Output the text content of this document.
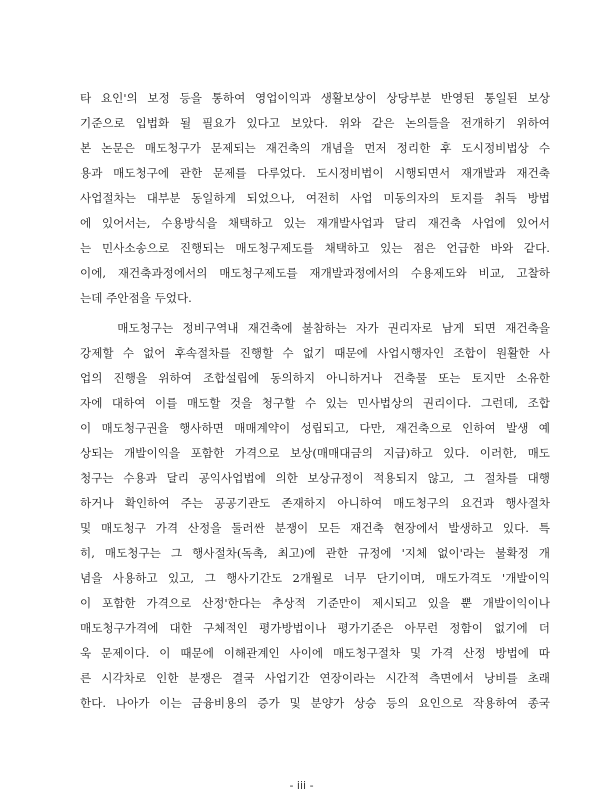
타 요인'의 보정 등을 통하여 영업이익과 생활보상이 상당부분 반영된 통일된 보상
기준으로 입법화 될 필요가 있다고 보았다. 위와 같은 논의들을 전개하기 위하여
본 논문은 매도청구가 문제되는 재건축의 개념을 먼저 정리한 후 도시정비법상 수
용과 매도청구에 관한 문제를 다루었다. 도시정비법이 시행되면서 재개발과 재건축
사업절차는 대부분 동일하게 되었으나, 여전히 사업 미동의자의 토지를 취득 방법
에 있어서는, 수용방식을 채택하고 있는 재개발사업과 달리 재건축 사업에 있어서
는 민사소송으로 진행되는 매도청구제도를 채택하고 있는 점은 언급한 바와 같다.
이에, 재건축과정에서의 매도청구제도를 재개발과정에서의 수용제도와 비교, 고찰하
는데 주안점을 두었다.
매도청구는 정비구역내 재건축에 불참하는 자가 권리자로 남게 되면 재건축을
강제할 수 없어 후속절차를 진행할 수 없기 때문에 사업시행자인 조합이 원활한 사
업의 진행을 위하여 조합설립에 동의하지 아니하거나 건축물 또는 토지만 소유한
자에 대하여 이를 매도할 것을 청구할 수 있는 민사법상의 권리이다. 그런데, 조합
이 매도청구권을 행사하면 매매계약이 성립되고, 다만, 재건축으로 인하여 발생 예
상되는 개발이익을 포함한 가격으로 보상(매매대금의 지급)하고 있다. 이러한, 매도
청구는 수용과 달리 공익사업법에 의한 보상규정이 적용되지 않고, 그 절차를 대행
하거나 확인하여 주는 공공기관도 존재하지 아니하여 매도청구의 요건과 행사절차
및 매도청구 가격 산정을 둘러싼 분쟁이 모든 재건축 현장에서 발생하고 있다. 특
히, 매도청구는 그 행사절차(독촉, 최고)에 관한 규정에 '지체 없이'라는 불확정 개
념을 사용하고 있고, 그 행사기간도 2개월로 너무 단기이며, 매도가격도 '개발이익
이 포함한 가격으로 산정'한다는 추상적 기준만이 제시되고 있을 뿐 개발이익이나
매도청구가격에 대한 구체적인 평가방법이나 평가기준은 아무런 정함이 없기에 더
욱 문제이다. 이 때문에 이해관계인 사이에 매도청구절차 및 가격 산정 방법에 따
른 시각차로 인한 분쟁은 결국 사업기간 연장이라는 시간적 측면에서 낭비를 초래
한다. 나아가 이는 금융비용의 증가 및 분양가 상승 등의 요인으로 작용하여 종국
- iii -
